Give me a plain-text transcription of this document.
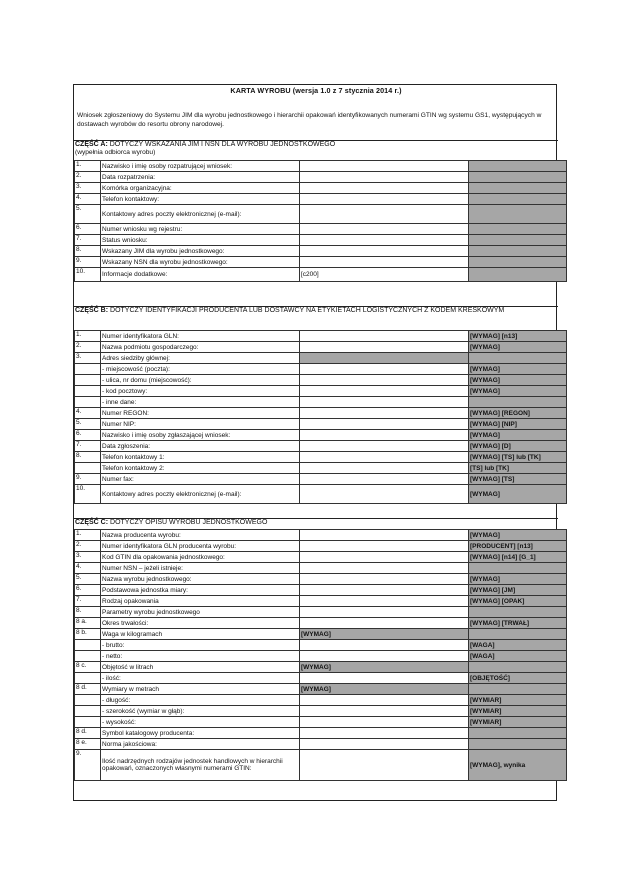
KARTA WYROBU (wersja 1.0 z 7 stycznia 2014 r.)
Wniosek zgłoszeniowy do Systemu JIM dla wyrobu jednostkowego i hierarchii opakowań identyfikowanych numerami GTIN wg systemu GS1, występujących w dostawach wyrobów do resortu obrony narodowej.
CZĘŚĆ A: DOTYCZY WSKAZANIA JIM I NSN DLA WYROBU JEDNOSTKOWEGO
(wypełnia odbiorca wyrobu)
1.	Nazwisko i imię osoby rozpatrującej wniosek:		
2.	Data rozpatrzenia:		
3.	Komórka organizacyjna:		
4.	Telefon kontaktowy:		
5.	Kontaktowy adres poczty elektronicznej (e-mail):		
6.	Numer wniosku wg rejestru:		
7.	Status wniosku:		
8.	Wskazany JIM dla wyrobu jednostkowego:		
9.	Wskazany NSN dla wyrobu jednostkowego:		
10.	Informacje dodatkowe:	[c200]	
CZĘŚĆ B: DOTYCZY IDENTYFIKACJI PRODUCENTA LUB DOSTAWCY NA ETYKIETACH LOGISTYCZNYCH Z KODEM KRESKOWYM
1.	Numer identyfikatora GLN:		[WYMAG] [n13]
2.	Nazwa podmiotu gospodarczego:		[WYMAG]
3.	Adres siedziby głównej:		
	- miejscowość (poczta):		[WYMAG]
	- ulica, nr domu (miejscowość):		[WYMAG]
	- kod pocztowy:		[WYMAG]
	- inne dane:		
4.	Numer REGON:		[WYMAG] [REGON]
5.	Numer NIP:		[WYMAG] [NIP]
6.	Nazwisko i imię osoby zgłaszającej wniosek:		[WYMAG]
7.	Data zgłoszenia:		[WYMAG] [D]
8.	Telefon kontaktowy 1:		[WYMAG] [TS] lub [TK]
	Telefon kontaktowy 2:		[TS] lub [TK]
9.	Numer fax:		[WYMAG] [TS]
10.	Kontaktowy adres poczty elektronicznej (e-mail):		[WYMAG]
CZĘŚĆ C: DOTYCZY OPISU WYROBU JEDNOSTKOWEGO
1.	Nazwa producenta wyrobu:		[WYMAG]
2.	Numer identyfikatora GLN producenta wyrobu:		[PRODUCENT] [n13]
3.	Kod GTIN dla opakowania jednostkowego:		[WYMAG] [n14] [G_1]
4.	Numer NSN – jeżeli istnieje:		
5.	Nazwa wyrobu jednostkowego:		[WYMAG]
6.	Podstawowa jednostka miary:		[WYMAG] [JM]
7.	Rodzaj opakowania		[WYMAG] [OPAK]
8.	Parametry wyrobu jednostkowego		
8 a.	Okres trwałości:		[WYMAG] [TRWAŁ]
8 b.	Waga w kilogramach	[WYMAG]	
	- brutto:		[WAGA]
	- netto:		[WAGA]
8 c.	Objętość w litrach	[WYMAG]	
	- ilość:		[OBJĘTOŚĆ]
8 d.	Wymiary w metrach	[WYMAG]	
	- długość:		[WYMIAR]
	- szerokość (wymiar w głąb):		[WYMIAR]
	- wysokość:		[WYMIAR]
8 d.	Symbol katalogowy producenta:		
8 e.	Norma jakościowa:		
9.	Ilość nadrzędnych rodzajów jednostek handlowych w hierarchii opakowań, oznaczonych własnymi numerami GTIN:		[WYMAG], wynika
